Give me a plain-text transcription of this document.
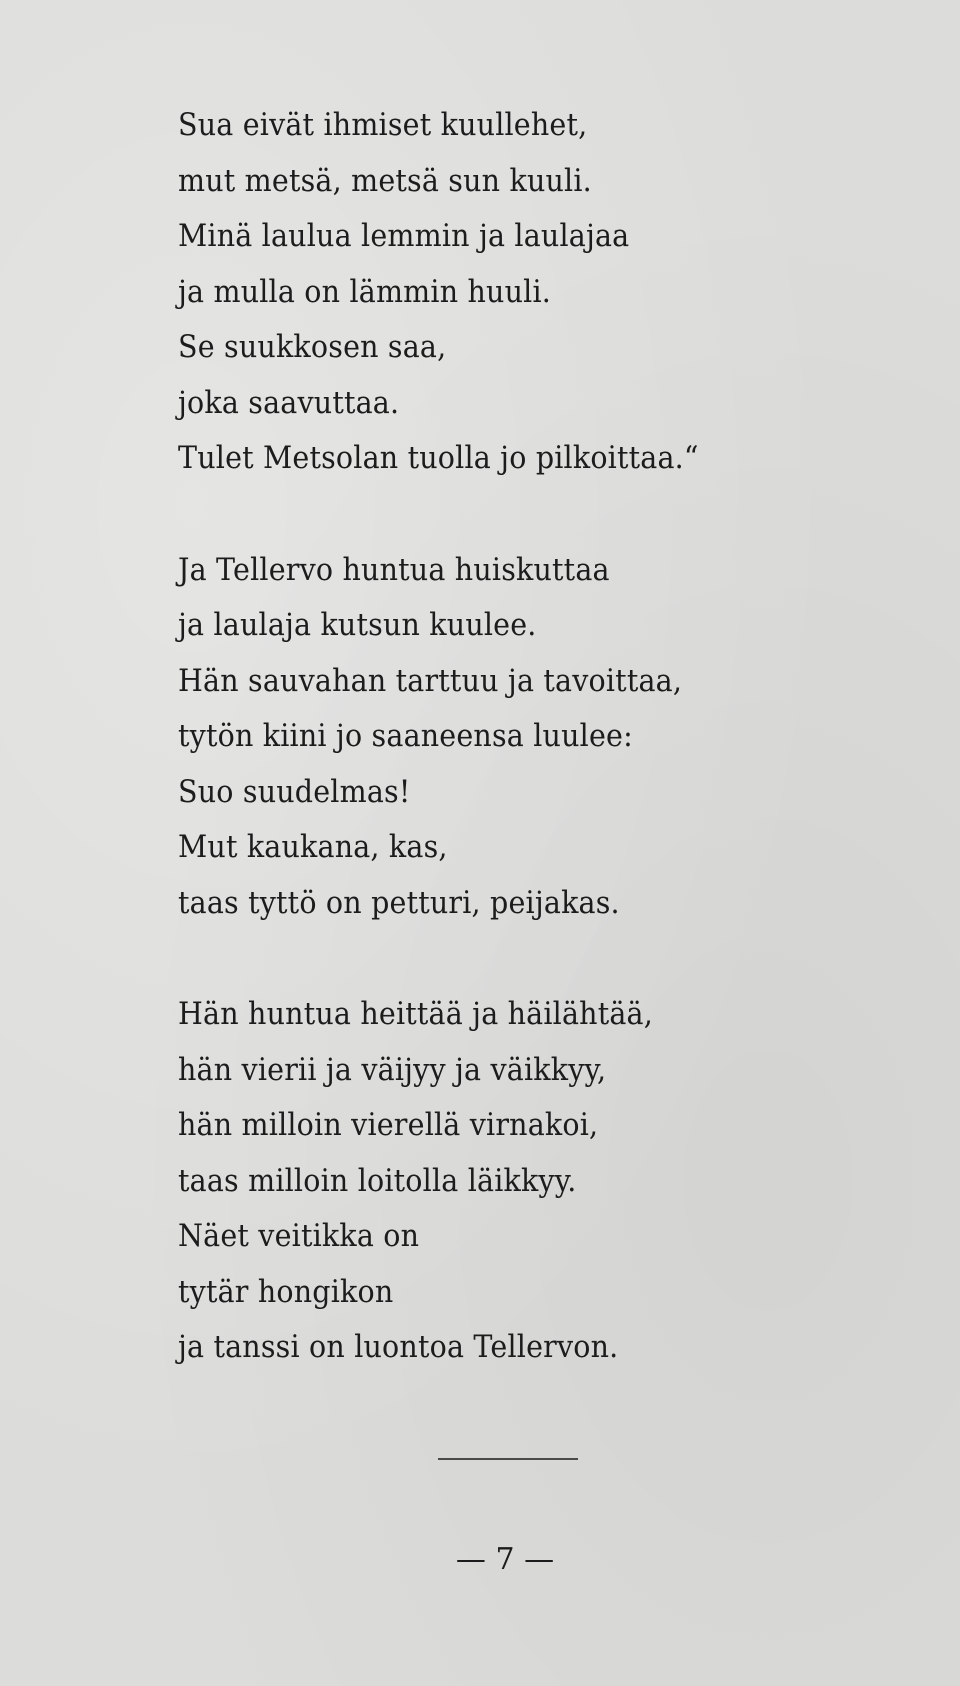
Sua eivät ihmiset kuullehet,
mut metsä, metsä sun kuuli.
Minä laulua lemmin ja laulajaa
ja mulla on lämmin huuli.
Se suukkosen saa,
joka saavuttaa.
Tulet Metsolan tuolla jo pilkoittaa.“
Ja Tellervo huntua huiskuttaa
ja laulaja kutsun kuulee.
Hän sauvahan tarttuu ja tavoittaa,
tytön kiini jo saaneensa luulee:
Suo suudelmas!
Mut kaukana, kas,
taas tyttö on petturi, peijakas.
Hän huntua heittää ja häilähtää,
hän vierii ja väijyy ja väikkyy,
hän milloin vierellä virnakoi,
taas milloin loitolla läikkyy.
Näet veitikka on
tytär hongikon
ja tanssi on luontoa Tellervon.
— 7 —
